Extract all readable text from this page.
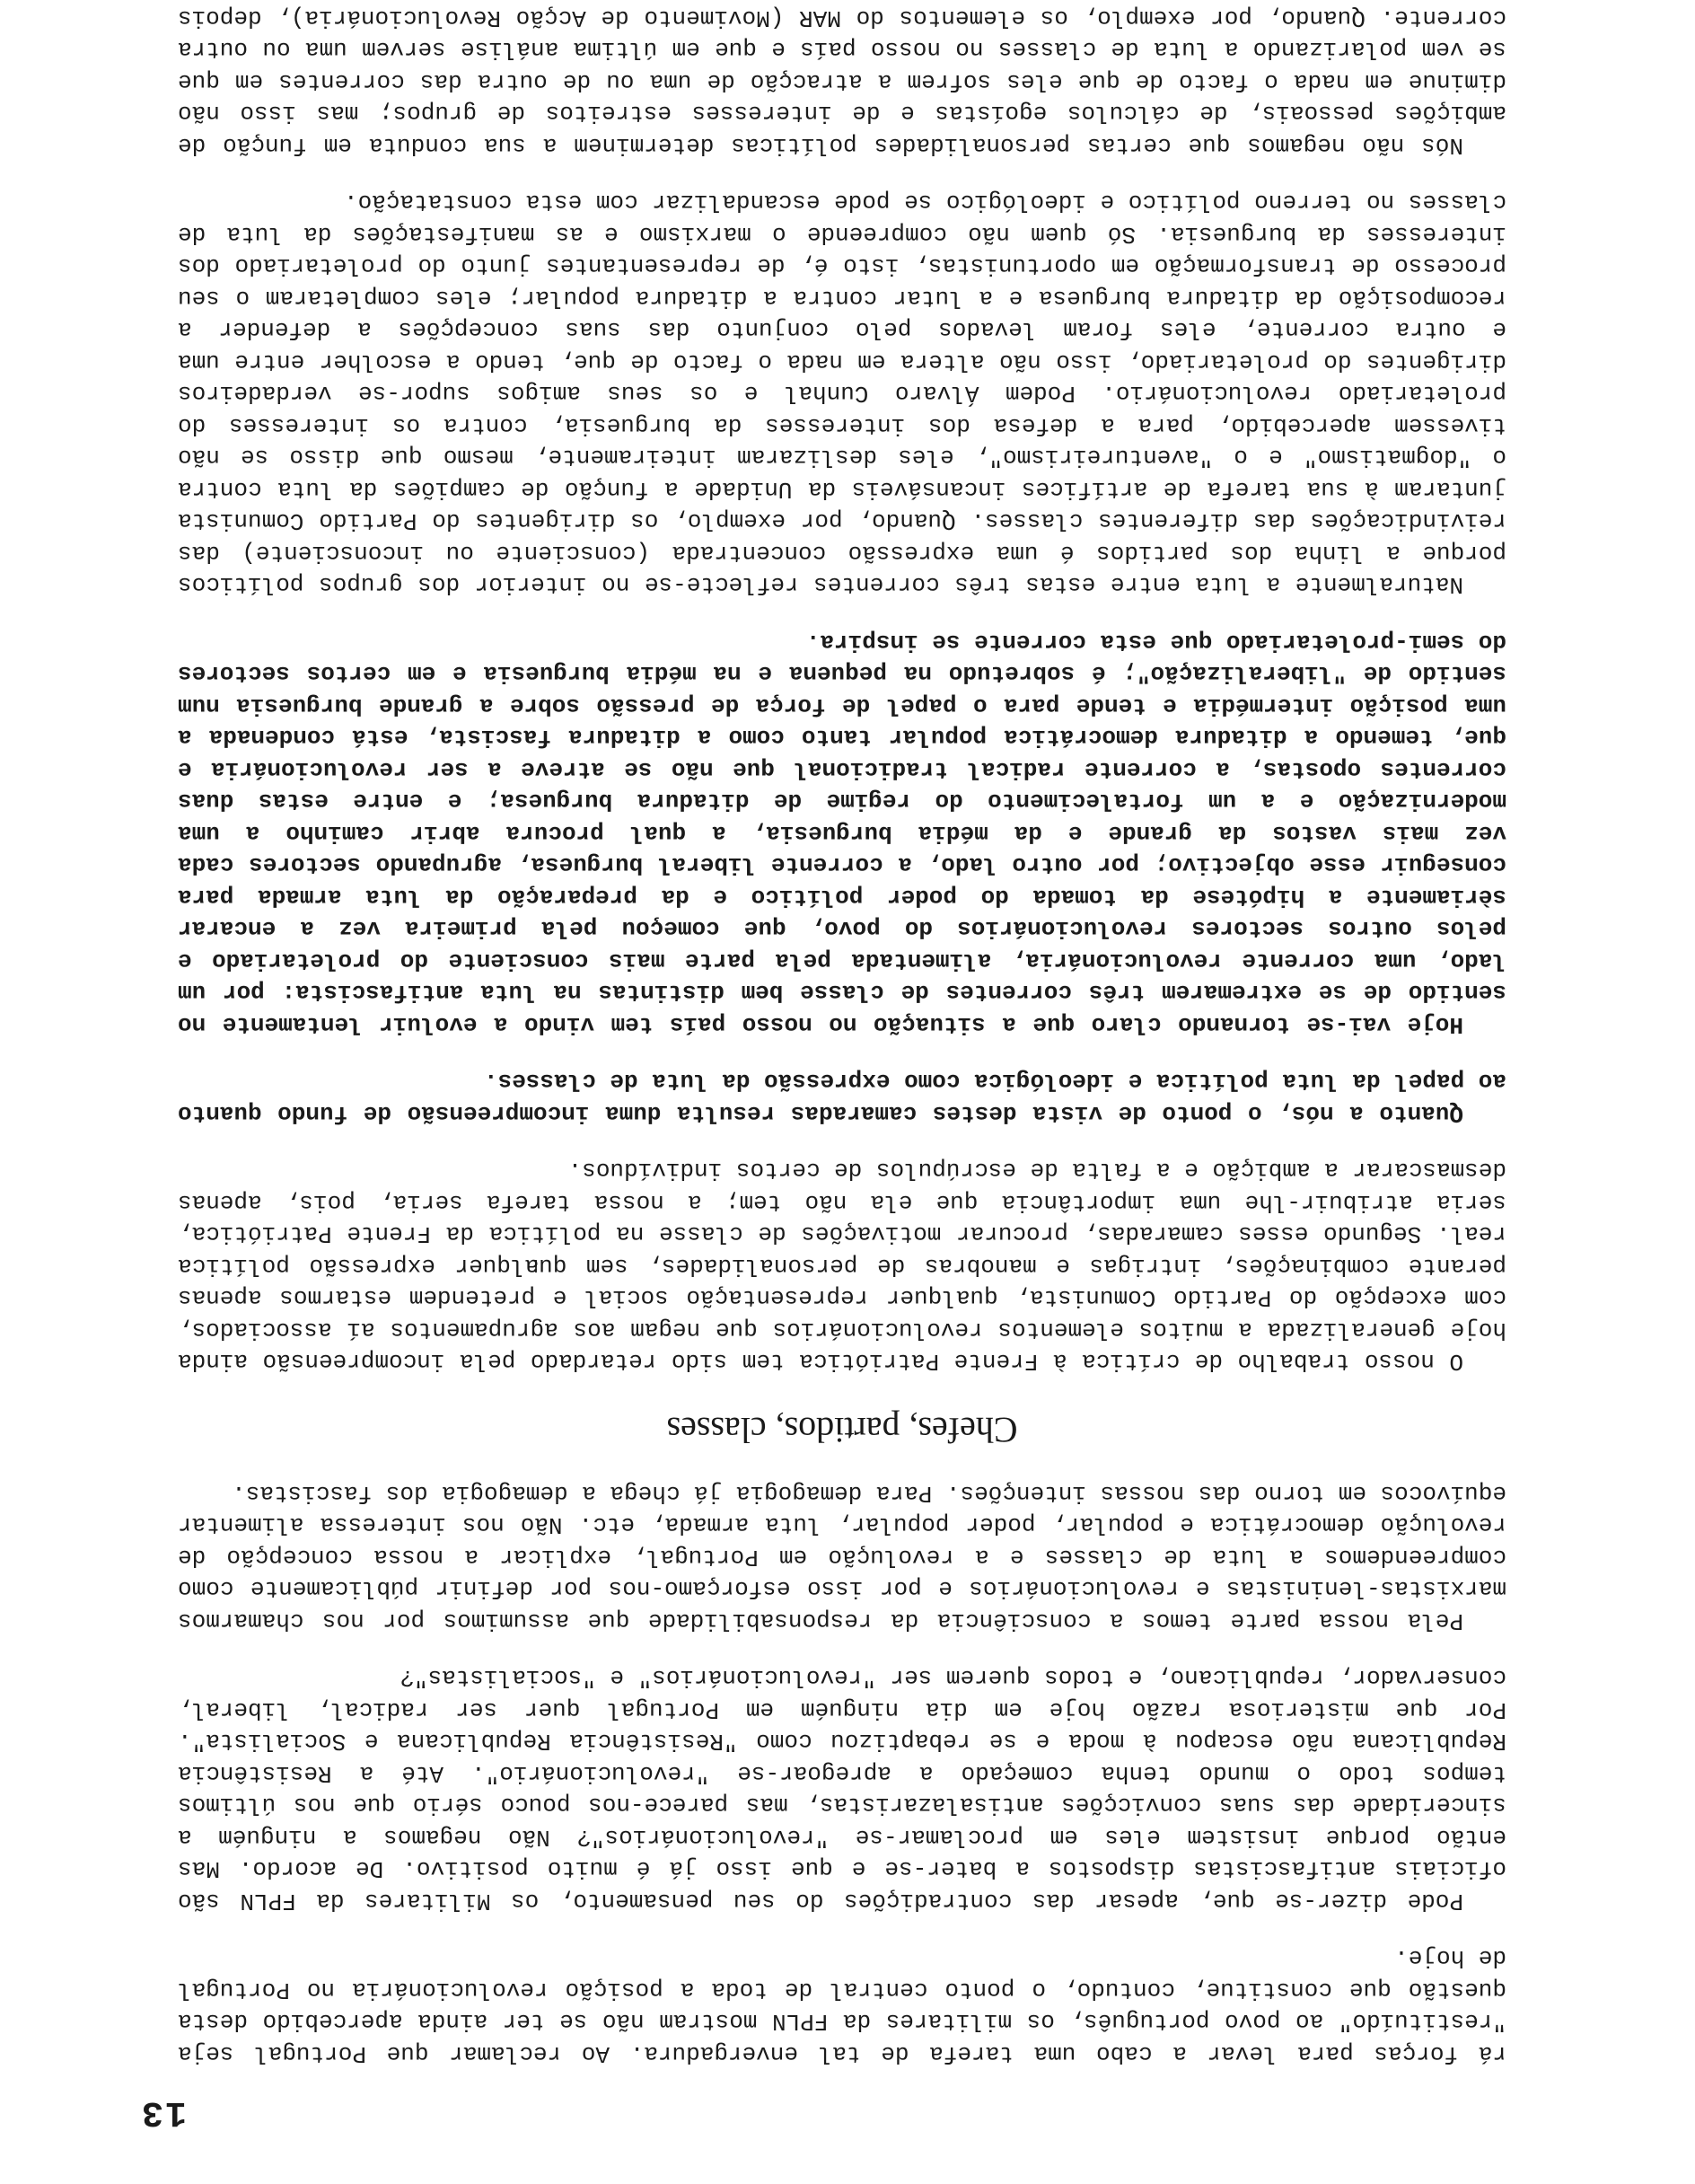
13

rá forças para levar a cabo uma tarefa de tal envergadura. Ao reclamar que Portugal seja "restituído" ao povo português, os militares da FPLN mostram não se ter ainda apercebido desta questão que constitue, contudo, o ponto central de toda a posição revolucionária no Portugal de hoje.

Pode dizer-se que, apesar das contradições do seu pensamento, os Militares da FPLN são oficiais antifascistas dispostos a bater-se e que isso já é muito positivo. De acordo. Mas então porque insistem eles em proclamar-se "revolucionários"? Não negamos a ninguém a sinceridade das suas convicções antisalazaristas, mas parece-nos pouco sério que nos últimos tempos todo o mundo tenha começado a apregoar-se "revolucionário". Até a Resistência Republicana não escapou à moda e se rebaptizou como "Resistência Republicana e Socialista". Por que misteriosa razão hoje em dia ninguém em Portugal quer ser radical, liberal, conservador, republicano, e todos querem ser "revolucionários" e "socialistas"?

Pela nossa parte temos a consciência da responsabilidade que assumimos por nos chamarmos marxistas-leninistas e revolucionários e por isso esforçamo-nos por definir públicamente como compreendemos a luta de classes e a revolução em Portugal, explicar a nossa concepção de revolução democrática e popular, poder popular, luta armada, etc. Não nos interessa alimentar equívocos em torno das nossas intenções. Para demagogia já chega a demagogia dos fascistas.

Chefes, partidos, classes

O nosso trabalho de crítica à Frente Patriótica tem sido retardado pela incompreensão ainda hoje generalizada a muitos elementos revolucionários que negam aos agrupamentos aí associados, com excepção do Partido Comunista, qualquer representação social e pretendem estarmos apenas perante combinações, intrigas e manobras de personalidades, sem qualquer expressão política real. Segundo esses camaradas, procurar motivações de classe na política da Frente Patriótica, seria atribuir-lhe uma importância que ela não tem; a nossa tarefa seria, pois, apenas desmascarar a ambição e a falta de escrúpulos de certos indivíduos.

Quanto a nós, o ponto de vista destes camaradas resulta duma incompreensão de fundo quanto ao papel da luta política e ideológica como expressão da luta de classes.

Hoje vai-se tornando claro que a situação no nosso país tem vindo a evoluir lentamente no sentido de se extremarem três correntes de classe bem distintas na luta antifascista: por um lado, uma corrente revolucionária, alimentada pela parte mais consciente do proletariado e pelos outros sectores revolucionários do povo, que começou pela primeira vez a encarar sèriamente a hipótese da tomada do poder político e da preparação da luta armada para conseguir esse objectivo; por outro lado, a corrente liberal burguesa, agrupando sectores cada vez mais vastos da grande e da média burguesia, a qual procura abrir caminho a uma modernização e a um fortalecimento do regime de ditadura burguesa; e entre estas duas correntes opostas, a corrente radical tradicional que não se atreve a ser revolucionária e que, temendo a ditadura democrática popular tanto como a ditadura fascista, está condenada a uma posição intermédia e tende para o papel de força de pressão sobre a grande burguesia num sentido de "liberalização"; é sobretudo na pequena e na média burguesia e em certos sectores do semi-proletariado que esta corrente se inspira.

Naturalmente a luta entre estas três correntes reflecte-se no interior dos grupos políticos porque a linha dos partidos é uma expressão concentrada (consciente ou inconsciente) das reivindicações das diferentes classes. Quando, por exemplo, os dirigentes do Partido Comunista juntaram à sua tarefa de artífices incansáveis da Unidade a função de campiões da luta contra o "dogmatismo" e o "aventureirismo", eles deslizaram inteiramente, mesmo que disso se não tivessem apercebido, para a defesa dos interesses da burguesia, contra os interesses do proletariado revolucionário. Podem Álvaro Cunhal e os seus amigos supor-se verdadeiros dirigentes do proletariado, isso não altera em nada o facto de que, tendo a escolher entre uma e outra corrente, eles foram levados pelo conjunto das suas concepções a defender a recomposição da ditadura burguesa e a lutar contra a ditadura popular; eles completaram o seu processo de transformação em oportunistas, isto é, de representantes junto do proletariado dos interesses da burguesia. Só quem não compreende o marxismo e as manifestações da luta de classes no terreno político e ideológico se pode escandalizar com esta constatação.

Nós não negamos que certas personalidades políticas determinem a sua conduta em função de ambições pessoais, de cálculos egoístas e de interesses estreitos de grupos; mas isso não diminue em nada o facto de que eles sofrem a atracção de uma ou de outra das correntes em que se vem polarizando a luta de classes no nosso país e que em última análise servem uma ou outra corrente. Quando, por exemplo, os elementos do MAR (Movimento de Acção Revolucionária), depois
